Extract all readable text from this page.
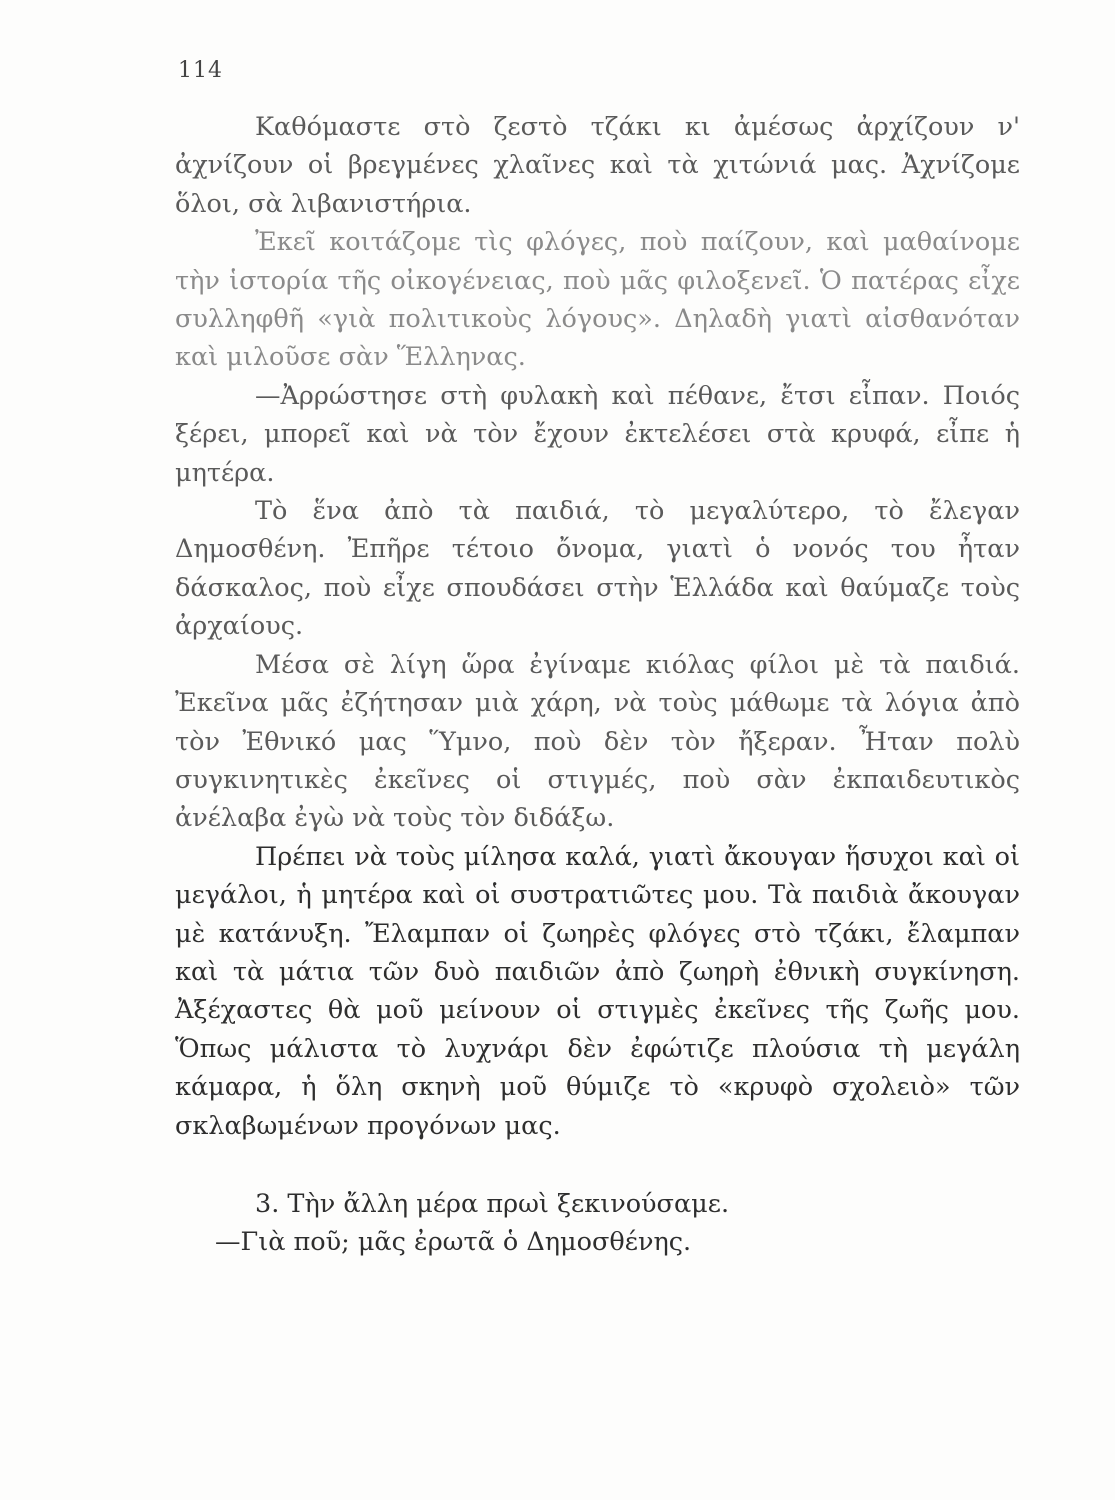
114

Καθόμαστε στὸ ζεστὸ τζάκι κι ἀμέσως ἀρχίζουν ν' ἀχνίζουν οἱ βρεγμένες χλαῖνες καὶ τὰ χιτώνιά μας. Ἀχνίζομε ὅλοι, σὰ λιβανιστήρια.

Ἐκεῖ κοιτάζομε τὶς φλόγες, ποὺ παίζουν, καὶ μαθαίνομε τὴν ἱστορία τῆς οἰκογένειας, ποὺ μᾶς φιλοξενεῖ. Ὁ πατέρας εἶχε συλληφθῆ «γιὰ πολιτικοὺς λόγους». Δηλαδὴ γιατὶ αἰσθανόταν καὶ μιλοῦσε σὰν Ἕλληνας.

—Ἀρρώστησε στὴ φυλακὴ καὶ πέθανε, ἔτσι εἶπαν. Ποιός ξέρει, μπορεῖ καὶ νὰ τὸν ἔχουν ἐκτελέσει στὰ κρυφά, εἶπε ἡ μητέρα.

Τὸ ἕνα ἀπὸ τὰ παιδιά, τὸ μεγαλύτερο, τὸ ἔλεγαν Δημοσθένη. Ἐπῆρε τέτοιο ὄνομα, γιατὶ ὁ νονός του ἦταν δάσκαλος, ποὺ εἶχε σπουδάσει στὴν Ἑλλάδα καὶ θαύμαζε τοὺς ἀρχαίους.

Μέσα σὲ λίγη ὥρα ἐγίναμε κιόλας φίλοι μὲ τὰ παιδιά. Ἐκεῖνα μᾶς ἐζήτησαν μιὰ χάρη, νὰ τοὺς μάθωμε τὰ λόγια ἀπὸ τὸν Ἐθνικό μας Ὕμνο, ποὺ δὲν τὸν ἤξεραν. Ἦταν πολὺ συγκινητικὲς ἐκεῖνες οἱ στιγμές, ποὺ σὰν ἐκπαιδευτικὸς ἀνέλαβα ἐγὼ νὰ τοὺς τὸν διδάξω.

Πρέπει νὰ τοὺς μίλησα καλά, γιατὶ ἄκουγαν ἥσυχοι καὶ οἱ μεγάλοι, ἡ μητέρα καὶ οἱ συστρατιῶτες μου. Τὰ παιδιὰ ἄκουγαν μὲ κατάνυξη. Ἔλαμπαν οἱ ζωηρὲς φλόγες στὸ τζάκι, ἔλαμπαν καὶ τὰ μάτια τῶν δυὸ παιδιῶν ἀπὸ ζωηρὴ ἐθνικὴ συγκίνηση. Ἀξέχαστες θὰ μοῦ μείνουν οἱ στιγμὲς ἐκεῖνες τῆς ζωῆς μου. Ὅπως μάλιστα τὸ λυχνάρι δὲν ἐφώτιζε πλούσια τὴ μεγάλη κάμαρα, ἡ ὅλη σκηνὴ μοῦ θύμιζε τὸ «κρυφὸ σχολειὸ» τῶν σκλαβωμένων προγόνων μας.

3. Τὴν ἄλλη μέρα πρωὶ ξεκινούσαμε.

—Γιὰ ποῦ; μᾶς ἐρωτᾶ ὁ Δημοσθένης.
